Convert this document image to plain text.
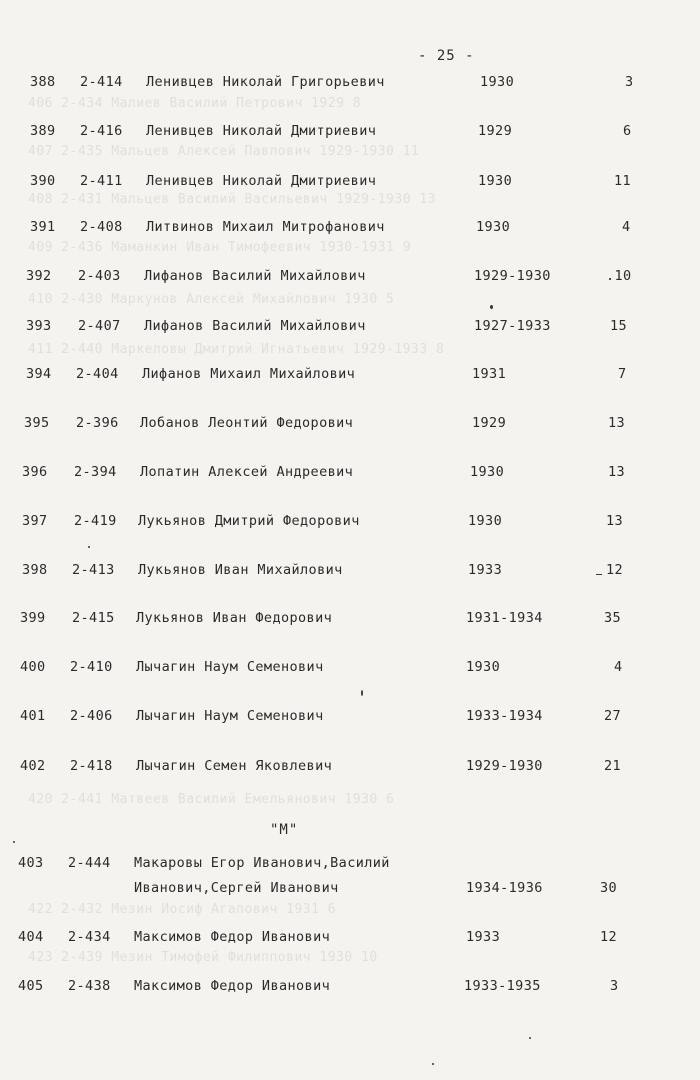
406 2-434 Малиев Василий Петрович 1929 8
407 2-435 Мальцев Алексей Павлович 1929-1930 11
408 2-431 Мальцев Василий Васильевич 1929-1930 13
409 2-436 Маманкин Иван Тимофеевич 1930-1931 9
410 2-430 Маркунов Алексей Михайлович 1930 5
411 2-440 Маркеловы Дмитрий Игнатьевич 1929-1933 8
420 2-441 Матвеев Василий Емельянович 1930 6
422 2-432 Мезин Иосиф Агапович 1931 6
423 2-439 Мезин Тимофей Филиппович 1930 10
- 25 -
388 2-414 Ленивцев Николай Григорьевич	1930	3
389 2-416 Ленивцев Николай Дмитриевич	1929	6
390 2-411 Ленивцев Николай Дмитриевич	1930	11
391 2-408 Литвинов Михаил Митрофанович	1930	4
392 2-403 Лифанов Василий Михайлович	1929-1930	.10
393 2-407 Лифанов Василий Михайлович	1927-1933	15
394 2-404 Лифанов Михаил Михайлович	1931	7
395 2-396 Лобанов Леонтий Федорович	1929	13
396 2-394 Лопатин Алексей Андреевич	1930	13
397 2-419 Лукьянов Дмитрий Федорович	1930	13
398 2-413 Лукьянов Иван Михайлович	1933	12
399 2-415 Лукьянов Иван Федорович	1931-1934	35
400 2-410 Лычагин Наум Семенович	1930	4
401 2-406 Лычагин Наум Семенович	1933-1934	27
402 2-418 Лычагин Семен Яковлевич	1929-1930	21
"М"
403 2-444 Макаровы Егор Иванович,Василий
Иванович,Сергей Иванович	1934-1936	30
404 2-434 Максимов Федор Иванович	1933	12
405 2-438 Максимов Федор Иванович	1933-1935	3
